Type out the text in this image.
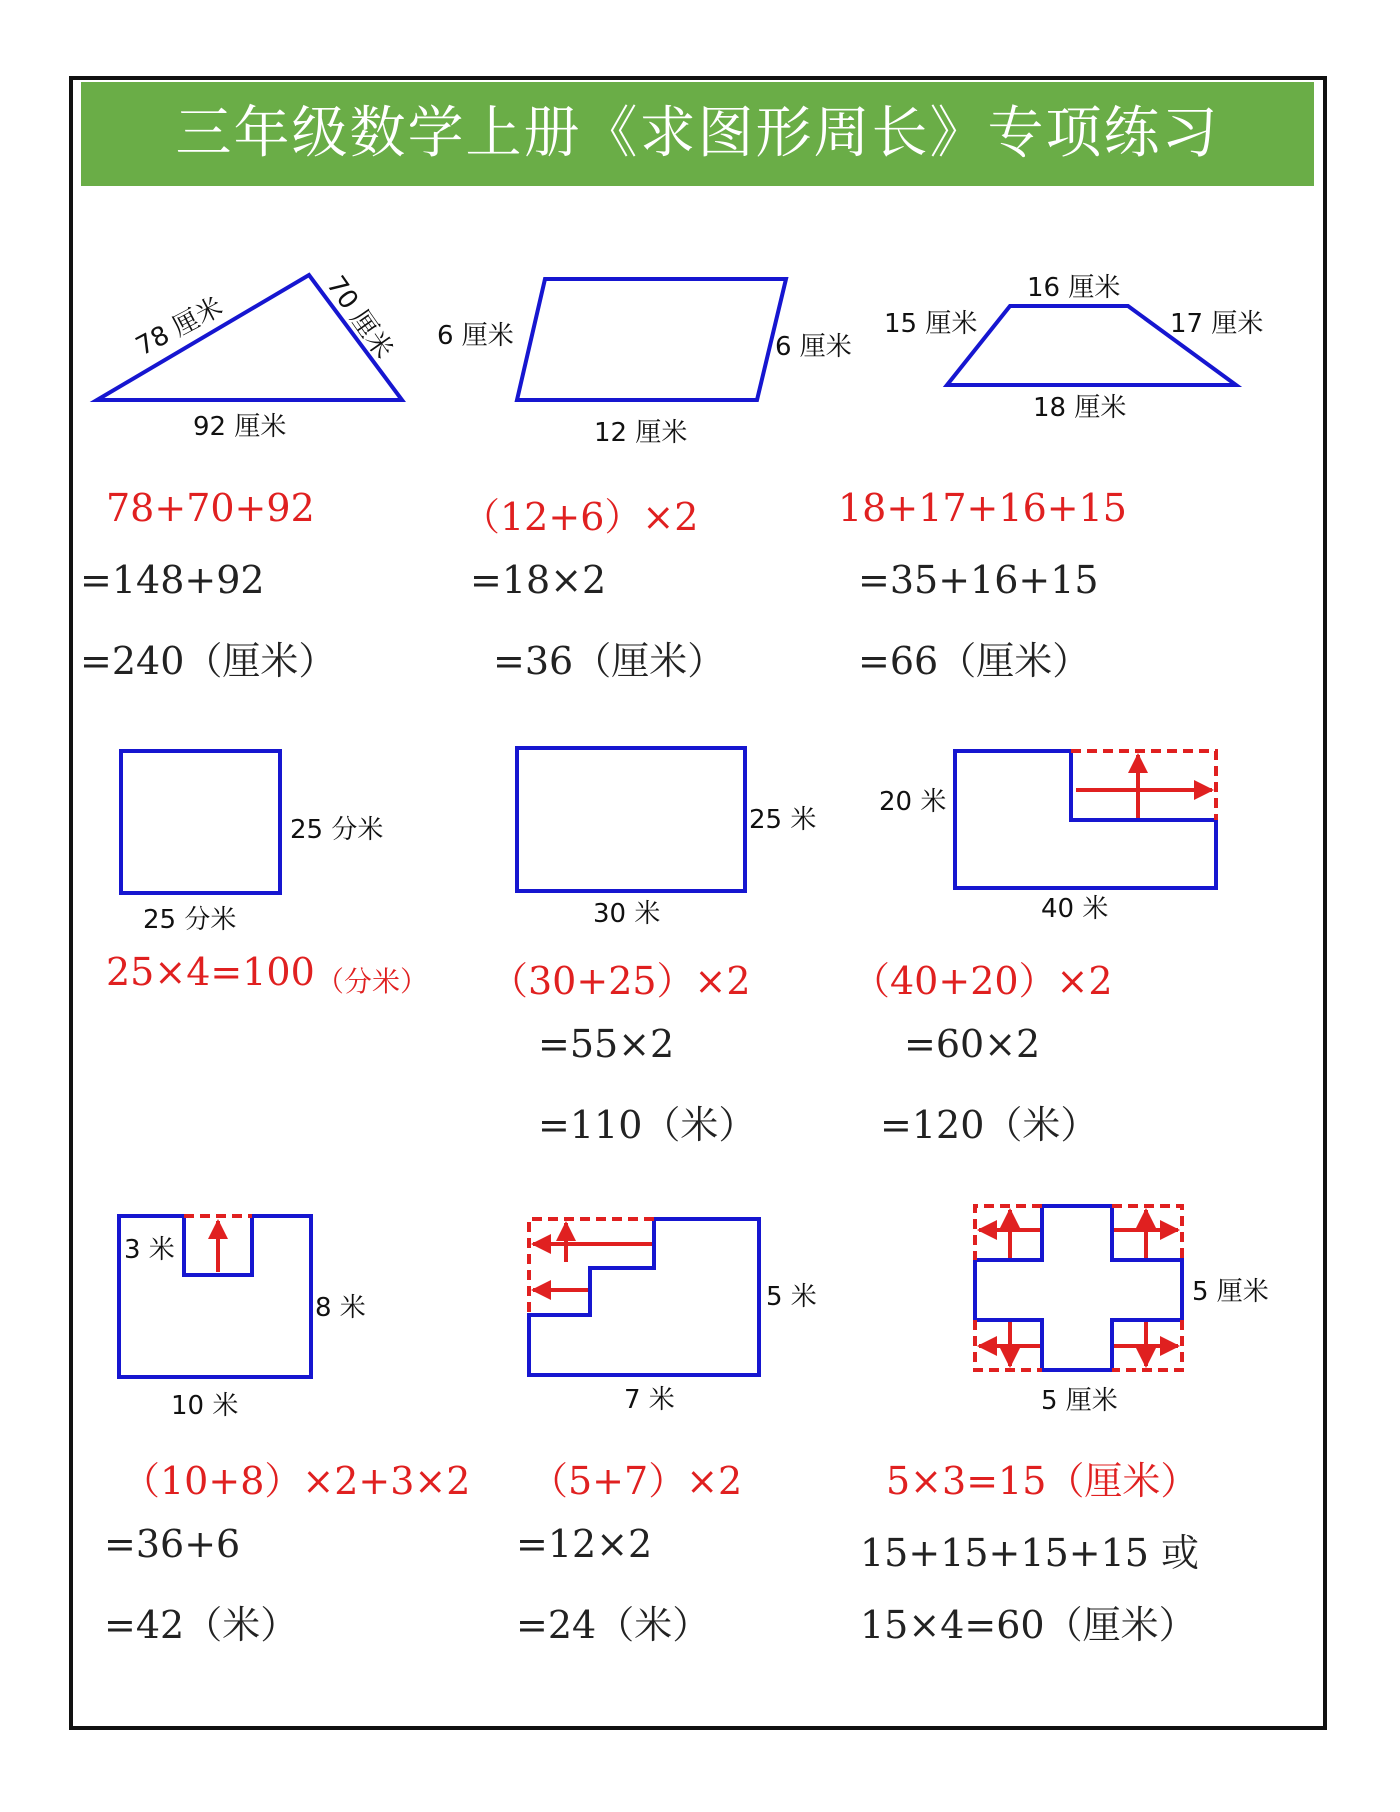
三年级数学上册《求图形周长》专项练习
78 厘米	70 厘米
92 厘米
6 厘米	6 厘米
12 厘米
16 厘米
15 厘米	17 厘米
18 厘米
25 分米
25 分米
25 米
30 米
20 米
40 米
3 米
8 米
10 米
5 米
7 米
5 厘米
5 厘米
78+70+92
=148+92
=240（厘米）
（12+6）×2
=18×2
=36（厘米）
18+17+16+15
=35+16+15
=66（厘米）
25×4=100 （分米） （30+25）×2
=55×2
=110（米）
（40+20）×2
=60×2
=120（米）
（10+8）×2+3×2
=36+6
=42（米）
（5+7）×2
=12×2
=24（米）
5×3=15（厘米）
15+15+15+15 或
15×4=60（厘米）
